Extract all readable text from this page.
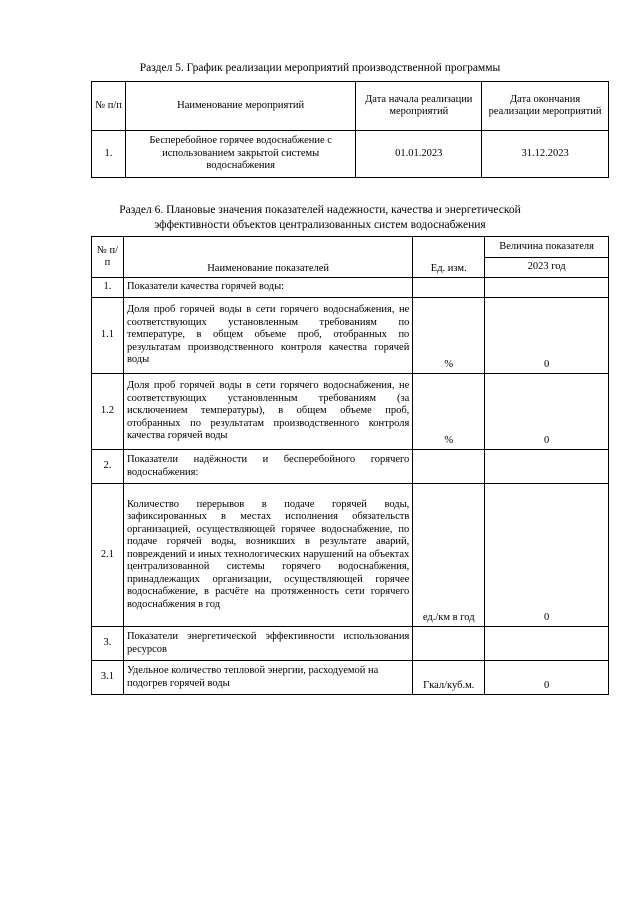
Раздел 5. График реализации мероприятий производственной программы
№ п/п	Наименование мероприятий	Дата начала реализации мероприятий	Дата окончания реализации мероприятий
1.	Бесперебойное горячее водоснабжение с использованием закрытой системы водоснабжения	01.01.2023	31.12.2023
Раздел 6. Плановые значения показателей надежности, качества и энергетической
эффективности объектов централизованных систем водоснабжения
№ п/п	Наименование показателей	Ед. изм.	Величина показателя
			2023 год
1.	Показатели качества горячей воды:		
1.1	Доля проб горячей воды в сети горячего водоснабжения, не соответствующих установленным требованиям по температуре, в общем объеме проб, отобранных по результатам производственного контроля качества горячей воды	%	0
1.2	Доля проб горячей воды в сети горячего водоснабжения, не соответствующих установленным требованиям (за исключением температуры), в общем объеме проб, отобранных по результатам производственного контроля качества горячей воды	%	0
2.	Показатели надёжности и бесперебойного горячего водоснабжения:		
2.1	Количество перерывов в подаче горячей воды, зафиксированных в местах исполнения обязательств организацией, осуществляющей горячее водоснабжение, по подаче горячей воды, возникших в результате аварий, повреждений и иных технологических нарушений на объектах централизованной системы горячего водоснабжения, принадлежащих организации, осуществляющей горячее водоснабжение, в расчёте на протяженность сети горячего водоснабжения в год	ед./км в год	0
3.	Показатели энергетической эффективности использования ресурсов		
3.1	Удельное количество тепловой энергии, расходуемой на подогрев горячей воды	Гкал/куб.м.	0
